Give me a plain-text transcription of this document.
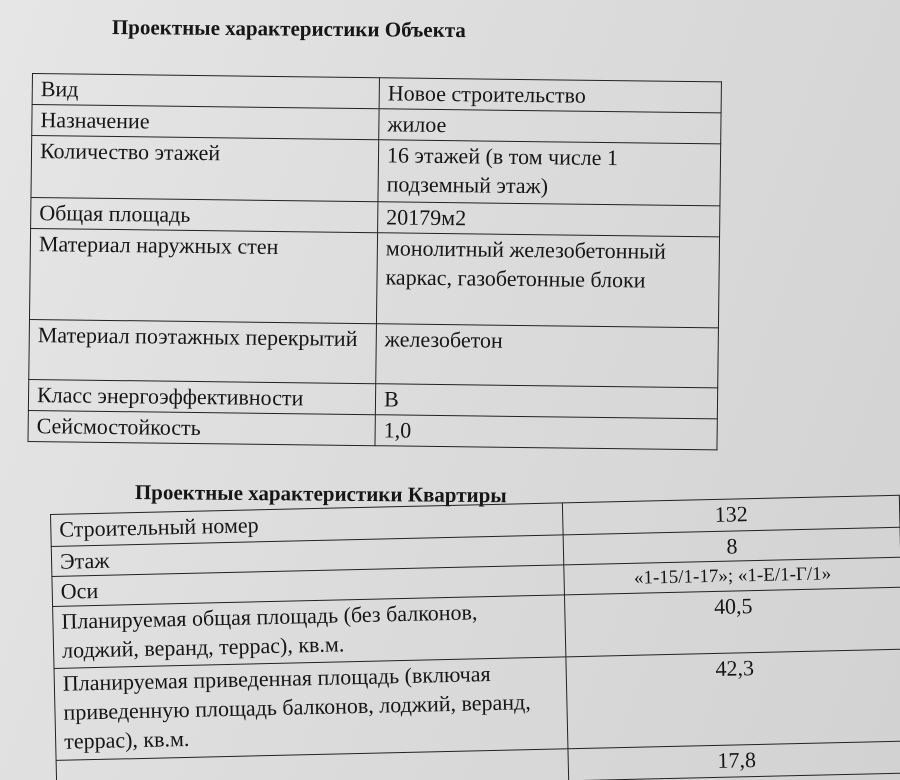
Проектные характеристики Объекта
Вид	Новое строительство
Назначение	жилое
Количество этажей	16 этажей (в том числе 1 подземный этаж)
Общая площадь	20179м2
Материал наружных стен	монолитный железобетонный каркас, газобетонные блоки
Материал поэтажных перекрытий	железобетон
Класс энергоэффективности	В
Сейсмостойкость	1,0
Проектные характеристики Квартиры
Строительный номер	132
Этаж	8
Оси	«1-15/1-17»; «1-Е/1-Г/1»
Планируемая общая площадь (без балконов, лоджий, веранд, террас), кв.м.	40,5
Планируемая приведенная площадь (включая приведенную площадь балконов, лоджий, веранд, террас), кв.м.	42,3
	17,8
